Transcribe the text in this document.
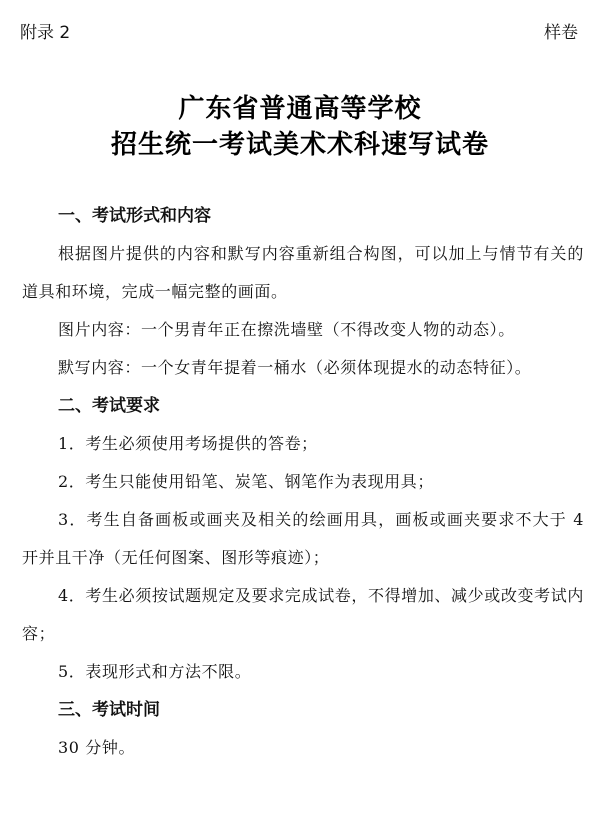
附录 2	样卷
广东省普通高等学校
招生统一考试美术术科速写试卷
一、考试形式和内容
根据图片提供的内容和默写内容重新组合构图，可以加上与情节有关的道具和环境，完成一幅完整的画面。
图片内容：一个男青年正在擦洗墙壁（不得改变人物的动态）。
默写内容：一个女青年提着一桶水（必须体现提水的动态特征）。
二、考试要求
1．考生必须使用考场提供的答卷；
2．考生只能使用铅笔、炭笔、钢笔作为表现用具；
3．考生自备画板或画夹及相关的绘画用具，画板或画夹要求不大于 4 开并且干净（无任何图案、图形等痕迹）；
4．考生必须按试题规定及要求完成试卷，不得增加、减少或改变考试内容；
5．表现形式和方法不限。
三、考试时间
30 分钟。
